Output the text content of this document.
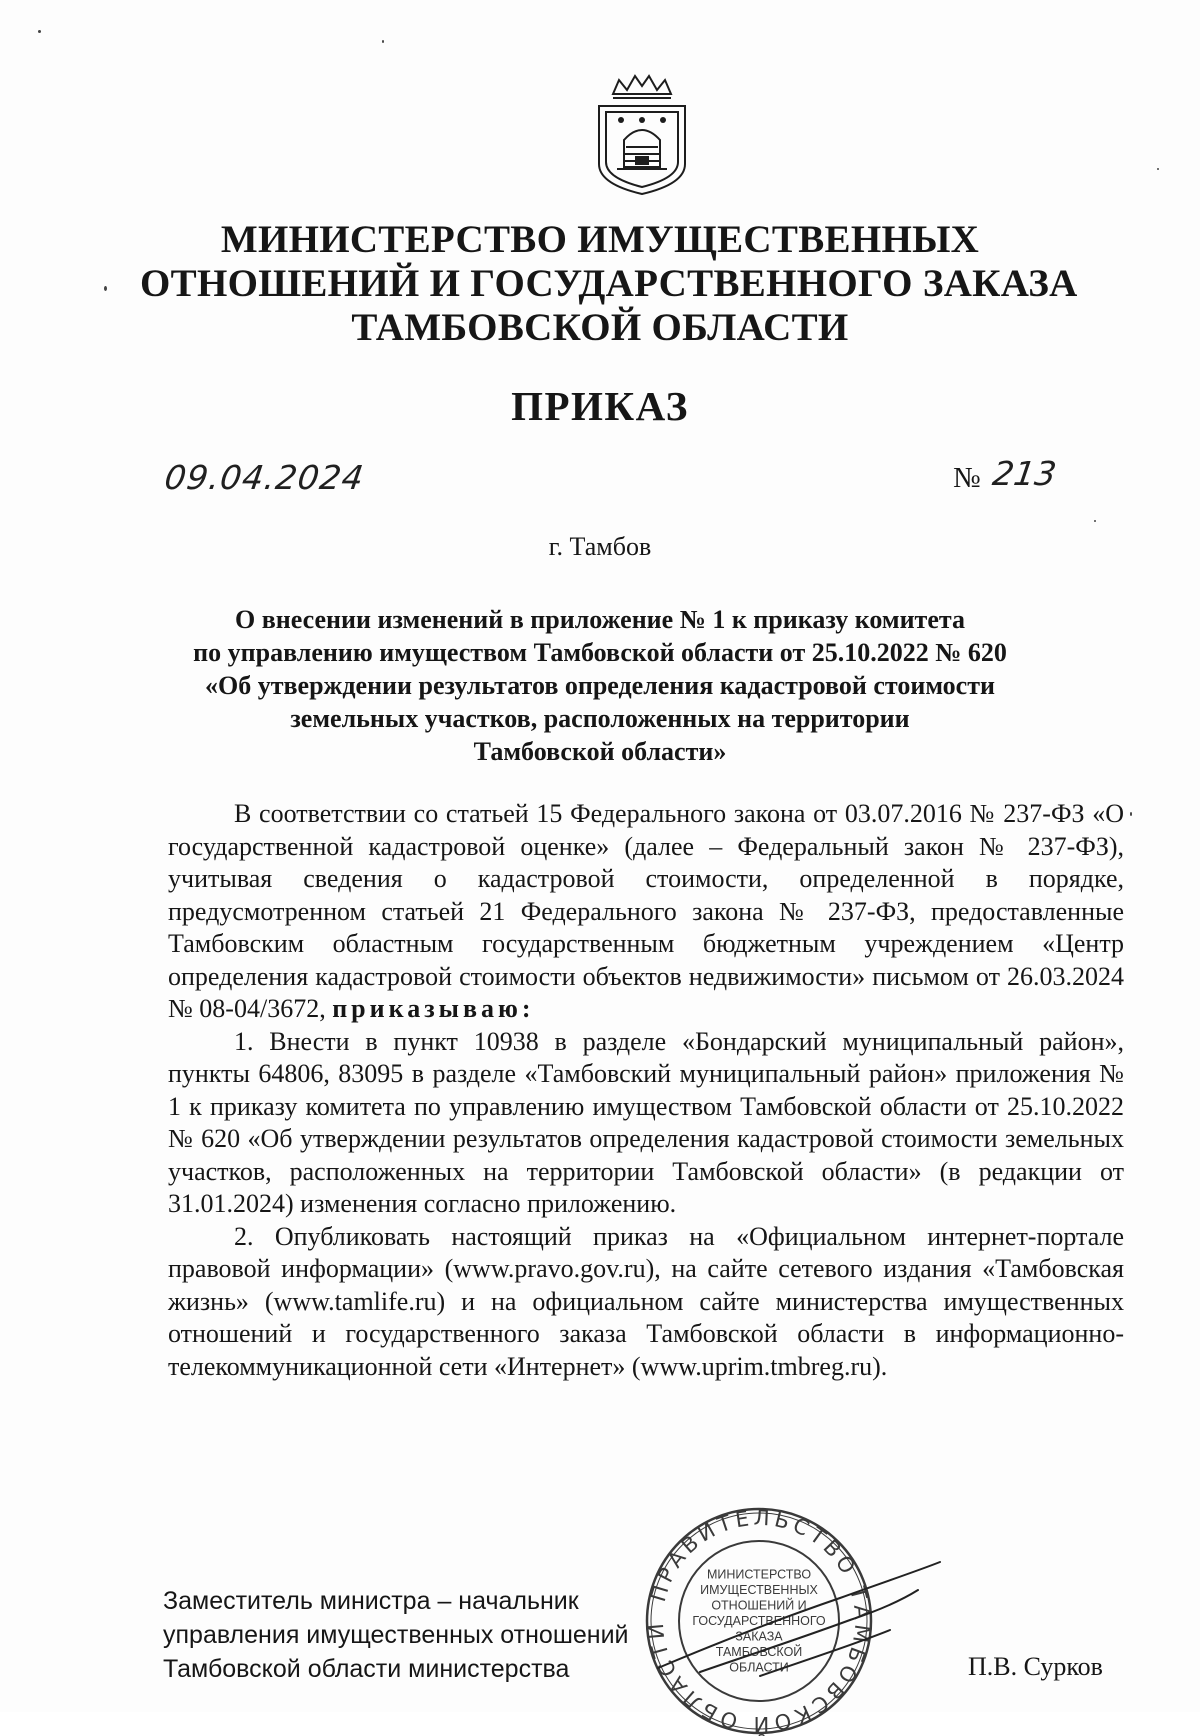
МИНИСТЕРСТВО ИМУЩЕСТВЕННЫХ
ОТНОШЕНИЙ И ГОСУДАРСТВЕННОГО ЗАКАЗА
ТАМБОВСКОЙ ОБЛАСТИ
ПРИКАЗ
09.04.2024	№ 213
г. Тамбов
О внесении изменений в приложение № 1 к приказу комитета
по управлению имуществом Тамбовской области от 25.10.2022 № 620
«Об утверждении результатов определения кадастровой стоимости
земельных участков, расположенных на территории
Тамбовской области»

В соответствии со статьей 15 Федерального закона от 03.07.2016 № 237-ФЗ «О государственной кадастровой оценке» (далее – Федеральный закон № 237-ФЗ), учитывая сведения о кадастровой стоимости, определенной в порядке, предусмотренном статьей 21 Федерального закона № 237-ФЗ, предоставленные Тамбовским областным государственным бюджетным учреждением «Центр определения кадастровой стоимости объектов недвижимости» письмом от 26.03.2024 № 08-04/3672, приказываю:

1. Внести в пункт 10938 в разделе «Бондарский муниципальный район», пункты 64806, 83095 в разделе «Тамбовский муниципальный район» приложения № 1 к приказу комитета по управлению имуществом Тамбовской области от 25.10.2022 № 620 «Об утверждении результатов определения кадастровой стоимости земельных участков, расположенных на территории Тамбовской области» (в редакции от 31.01.2024) изменения согласно приложению.

2. Опубликовать настоящий приказ на «Официальном интернет-портале правовой информации» (www.pravo.gov.ru), на сайте сетевого издания «Тамбовская жизнь» (www.tamlife.ru) и на официальном сайте министерства имущественных отношений и государственного заказа Тамбовской области в информационно-телекоммуникационной сети «Интернет» (www.uprim.tmbreg.ru).

Заместитель министра – начальник
управления имущественных отношений
Тамбовской области министерства
ПРАВИТЕЛЬСТВО ТАМБОВСКОЙ ОБЛАСТИ
МИНИСТЕРСТВО
ИМУЩЕСТВЕННЫХ
ОТНОШЕНИЙ И
ГОСУДАРСТВЕННОГО
ЗАКАЗА
ТАМБОВСКОЙ
ОБЛАСТИ	П.В. Сурков
